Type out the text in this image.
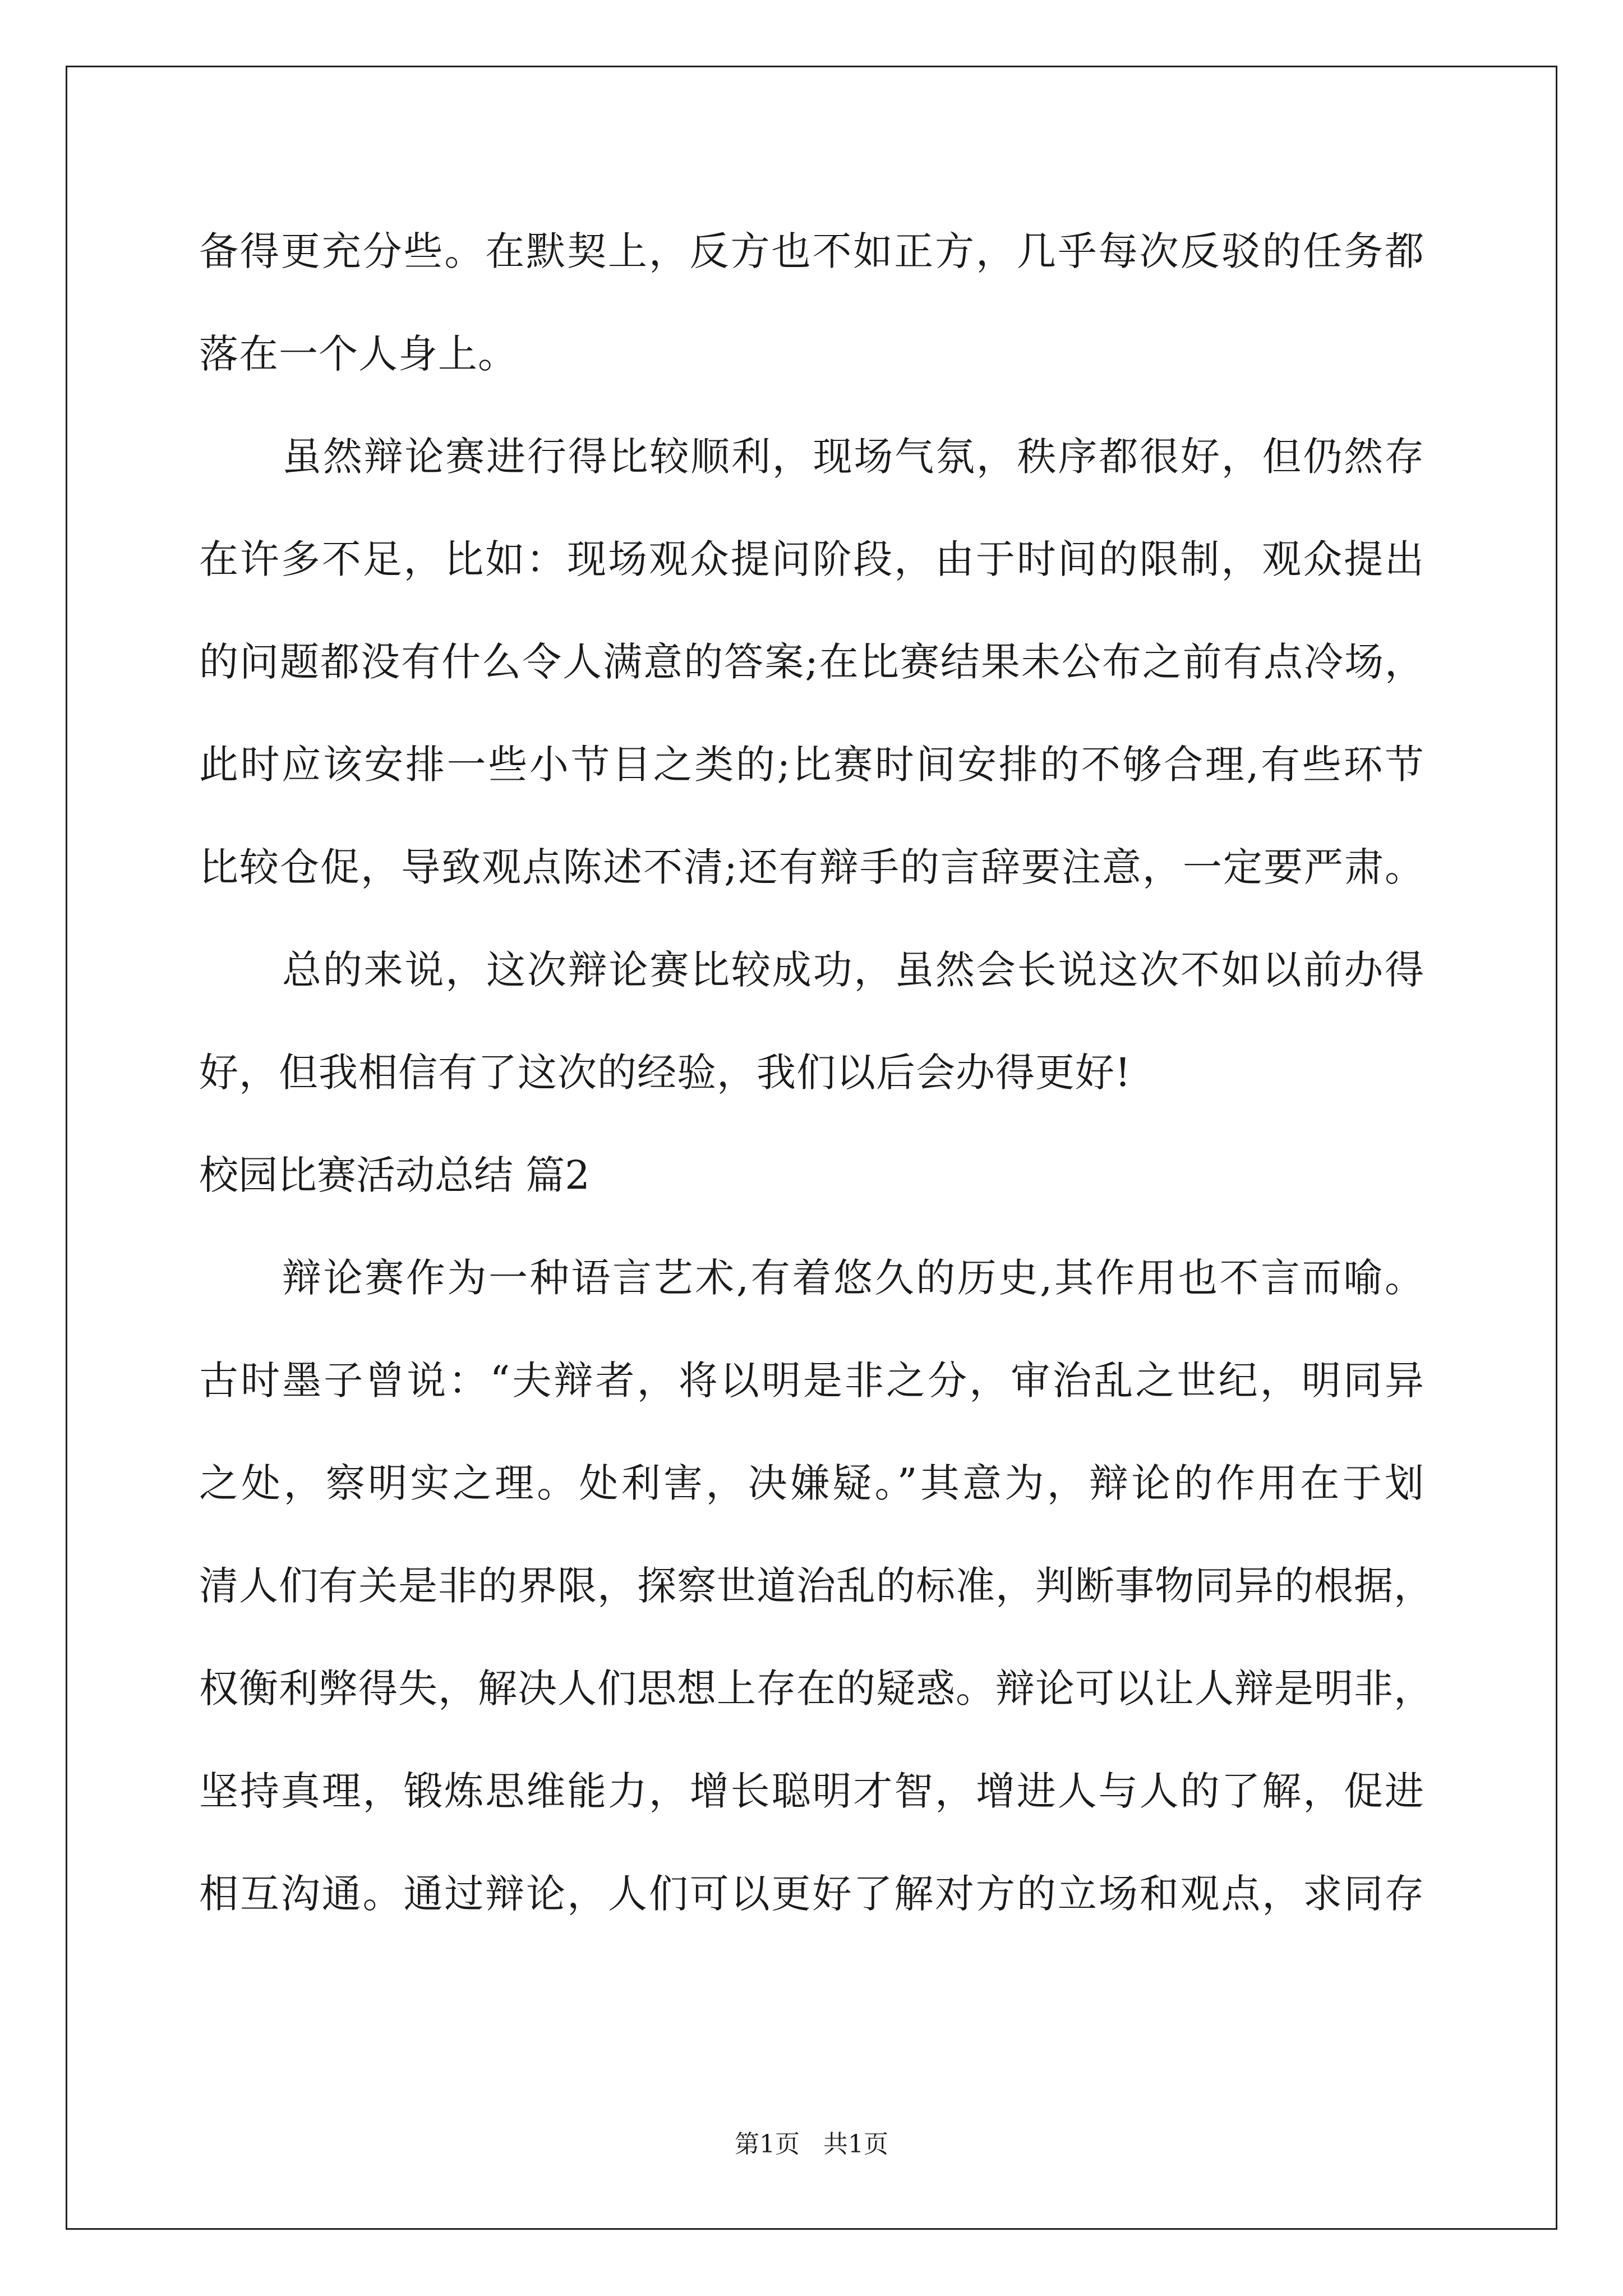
备得更充分些。在默契上，反方也不如正方，几乎每次反驳的任务都
落在一个人身上。
虽然辩论赛进行得比较顺利，现场气氛，秩序都很好，但仍然存
在许多不足，比如：现场观众提问阶段，由于时间的限制，观众提出
的问题都没有什么令人满意的答案;在比赛结果未公布之前有点冷场，
此时应该安排一些小节目之类的;比赛时间安排的不够合理,有些环节
比较仓促，导致观点陈述不清;还有辩手的言辞要注意，一定要严肃。
总的来说，这次辩论赛比较成功，虽然会长说这次不如以前办得
好，但我相信有了这次的经验，我们以后会办得更好!
校园比赛活动总结 篇2
辩论赛作为一种语言艺术,有着悠久的历史,其作用也不言而喻。
古时墨子曾说：“夫辩者，将以明是非之分，审治乱之世纪，明同异
之处，察明实之理。处利害，决嫌疑。”其意为，辩论的作用在于划
清人们有关是非的界限，探察世道治乱的标准，判断事物同异的根据，
权衡利弊得失，解决人们思想上存在的疑惑。辩论可以让人辩是明非，
坚持真理，锻炼思维能力，增长聪明才智，增进人与人的了解，促进
相互沟通。通过辩论，人们可以更好了解对方的立场和观点，求同存
第1页 共1页
